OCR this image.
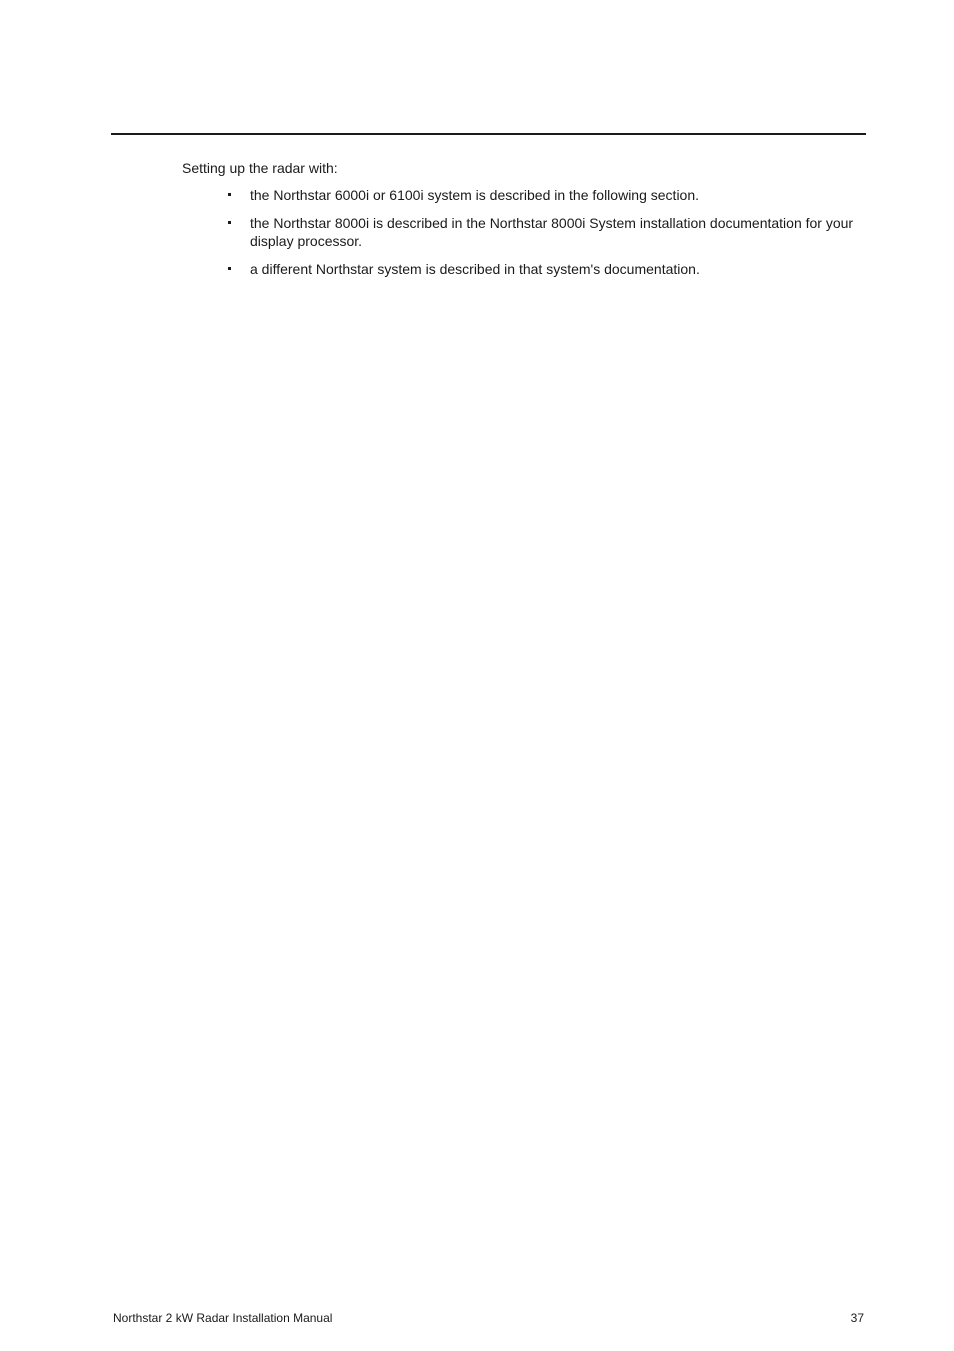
Setting up the radar with:

the Northstar 6000i or 6100i system is described in the following section.
the Northstar 8000i is described in the Northstar 8000i System installation documentation for your display processor.
a different Northstar system is described in that system's documentation.
Northstar 2 kW Radar Installation Manual	37
